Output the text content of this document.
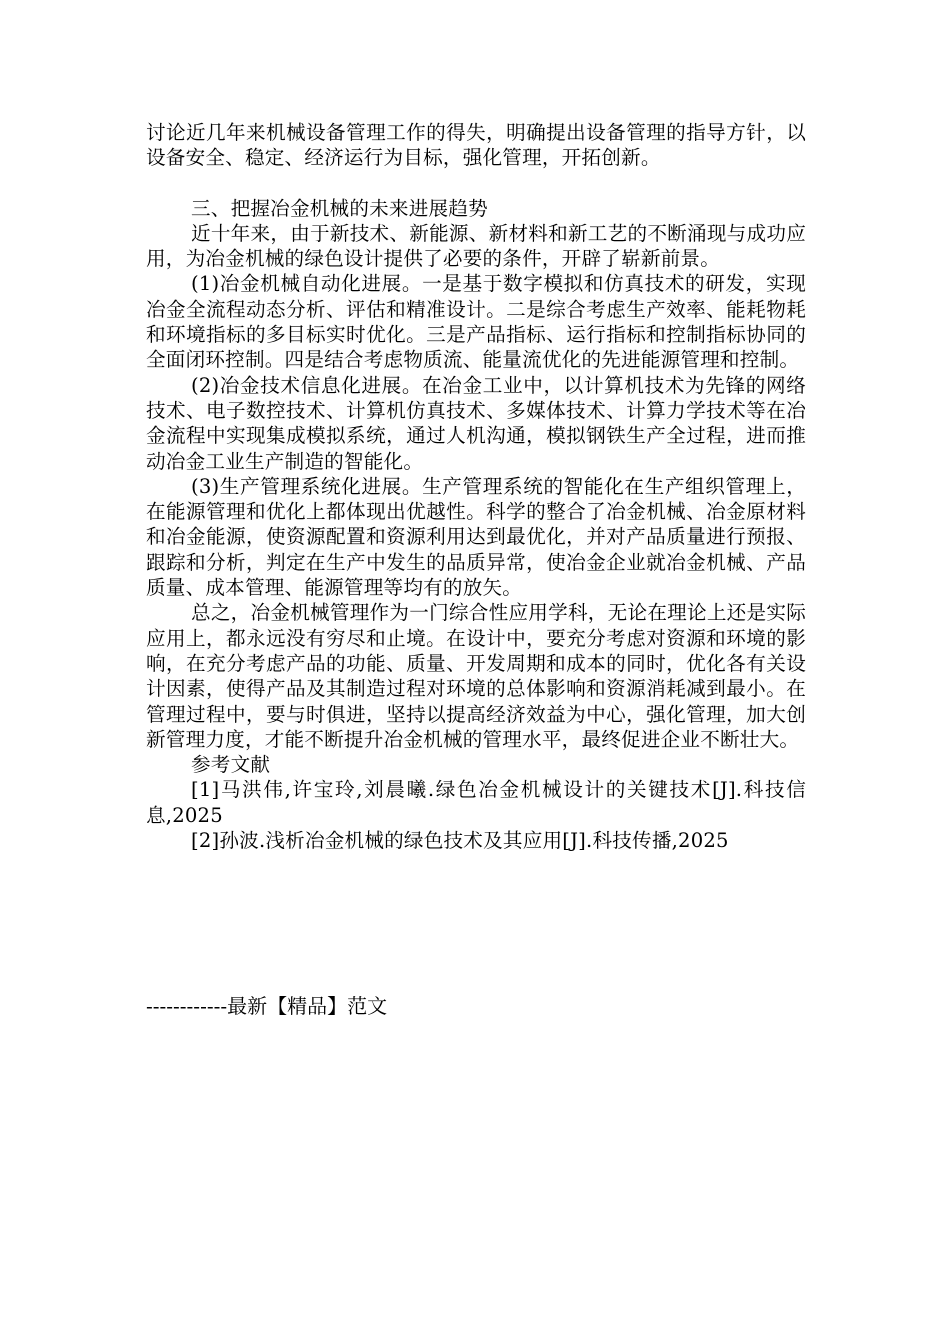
讨论近几年来机械设备管理工作的得失，明确提出设备管理的指导方针，以设备安全、稳定、经济运行为目标，强化管理，开拓创新。

三、把握冶金机械的未来进展趋势

近十年来，由于新技术、新能源、新材料和新工艺的不断涌现与成功应用，为冶金机械的绿色设计提供了必要的条件，开辟了崭新前景。

(1)冶金机械自动化进展。一是基于数字模拟和仿真技术的研发，实现冶金全流程动态分析、评估和精准设计。二是综合考虑生产效率、能耗物耗和环境指标的多目标实时优化。三是产品指标、运行指标和控制指标协同的全面闭环控制。四是结合考虑物质流、能量流优化的先进能源管理和控制。

(2)冶金技术信息化进展。在冶金工业中，以计算机技术为先锋的网络技术、电子数控技术、计算机仿真技术、多媒体技术、计算力学技术等在冶金流程中实现集成模拟系统，通过人机沟通，模拟钢铁生产全过程，进而推动冶金工业生产制造的智能化。

(3)生产管理系统化进展。生产管理系统的智能化在生产组织管理上，在能源管理和优化上都体现出优越性。科学的整合了冶金机械、冶金原材料和冶金能源，使资源配置和资源利用达到最优化，并对产品质量进行预报、跟踪和分析，判定在生产中发生的品质异常，使冶金企业就冶金机械、产品质量、成本管理、能源管理等均有的放矢。

总之，冶金机械管理作为一门综合性应用学科，无论在理论上还是实际应用上，都永远没有穷尽和止境。在设计中，要充分考虑对资源和环境的影响，在充分考虑产品的功能、质量、开发周期和成本的同时，优化各有关设计因素，使得产品及其制造过程对环境的总体影响和资源消耗减到最小。在管理过程中，要与时俱进，坚持以提高经济效益为中心，强化管理，加大创新管理力度，才能不断提升冶金机械的管理水平，最终促进企业不断壮大。

参考文献

[1]马洪伟,许宝玲,刘晨曦.绿色冶金机械设计的关键技术[J].科技信息,2025

[2]孙波.浅析冶金机械的绿色技术及其应用[J].科技传播,2025

------------最新【精品】范文
